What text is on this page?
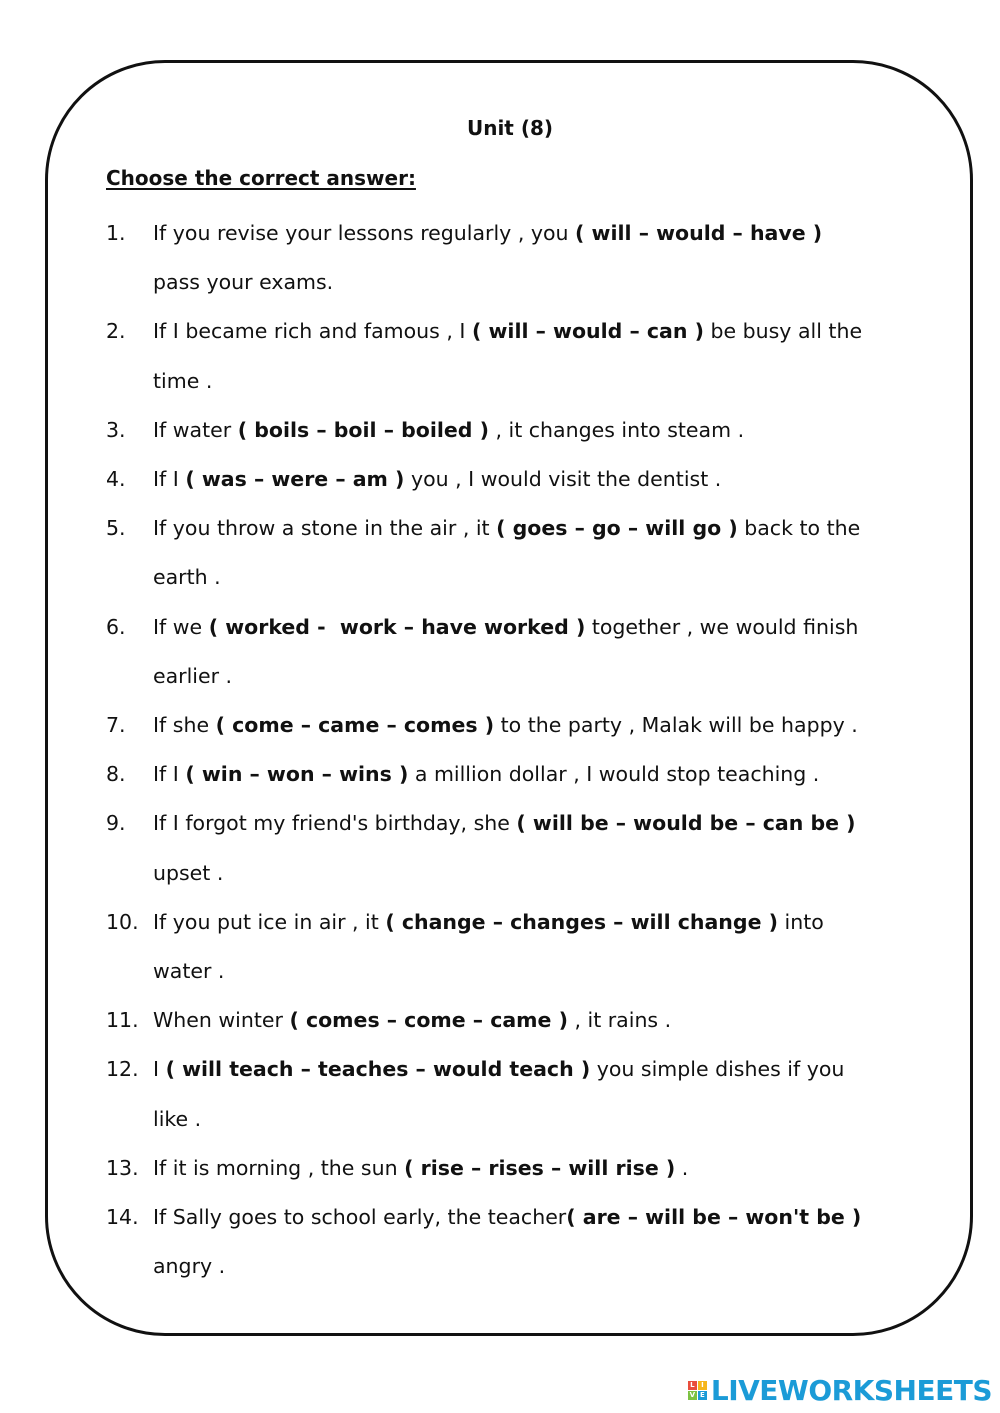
Unit (8)
Choose the correct answer:
1.	If you revise your lessons regularly , you ( will – would – have )
pass your exams.
2.	If I became rich and famous , I ( will – would – can ) be busy all the
time .
3.	If water ( boils – boil – boiled ) , it changes into steam .
4.	If I ( was – were – am ) you , I would visit the dentist .
5.	If you throw a stone in the air , it ( goes – go – will go ) back to the
earth .
6.	If we ( worked -  work – have worked ) together , we would finish
earlier .
7.	If she ( come – came – comes ) to the party , Malak will be happy .
8.	If I ( win – won – wins ) a million dollar , I would stop teaching .
9.	If I forgot my friend's birthday, she ( will be – would be – can be )
upset .
10. If you put ice in air , it ( change – changes – will change ) into
water .
11. When winter ( comes – come – came ) , it rains .
12. I ( will teach – teaches – would teach ) you simple dishes if you
like .
13. If it is morning , the sun ( rise – rises – will rise ) .
14. If Sally goes to school early, the teacher( are – will be – won't be )
angry .
L I
V E LIVEWORKSHEETS
